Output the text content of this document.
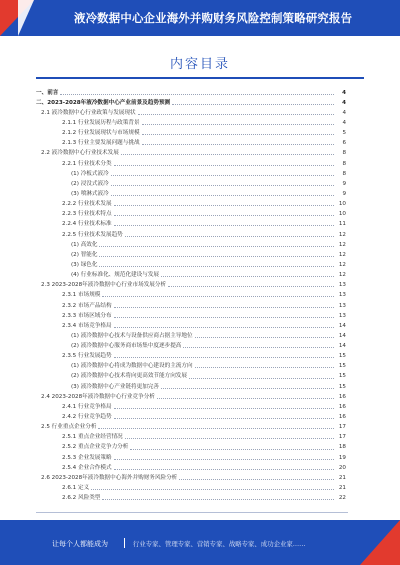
液冷数据中心企业海外并购财务风险控制策略研究报告
内容目录
一、前言	4
二、2023-2028年液冷数据中心产业前景及趋势预测	4
2.1 液冷数据中心行业政策与发展现状	4
2.1.1 行业发展历程与政策背景	4
2.1.2 行业发展现状与市场规模	5
2.1.3 行业主要发展问题与挑战	6
2.2 液冷数据中心行业技术发展	8
2.2.1 行业技术分类	8
(1) 冷板式液冷	8
(2) 浸没式液冷	9
(3) 喷淋式液冷	9
2.2.2 行业技术发展	10
2.2.3 行业技术特点	10
2.2.4 行业技术标准	11
2.2.5 行业技术发展趋势	12
(1) 高效化	12
(2) 智能化	12
(3) 绿色化	12
(4) 行业标准化、规范化建设与发展	12
2.3 2023-2028年液冷数据中心行业市场发展分析	13
2.3.1 市场规模	13
2.3.2 市场产品结构	13
2.3.3 市场区域分布	13
2.3.4 市场竞争格局	14
(1) 液冷数据中心技术与设备供应商占据主导地位	14
(2) 液冷数据中心服务商市场集中度逐步提高	14
2.3.5 行业发展趋势	15
(1) 液冷数据中心将成为数据中心建设的主流方向	15
(2) 液冷数据中心技术将向更高效节能方向发展	15
(3) 液冷数据中心产业链将更加完善	15
2.4 2023-2028年液冷数据中心行业竞争分析	16
2.4.1 行业竞争格局	16
2.4.2 行业竞争趋势	16
2.5 行业重点企业分析	17
2.5.1 重点企业经营情况	17
2.5.2 重点企业竞争力分析	18
2.5.3 企业发展策略	19
2.5.4 企业合作模式	20
2.6 2023-2028年液冷数据中心海外并购财务风险分析	21
2.6.1 定义	21
2.6.2 风险类型	22
让每个人都能成为	行业专家、管理专家、营销专家、战略专家、成功企业家……
